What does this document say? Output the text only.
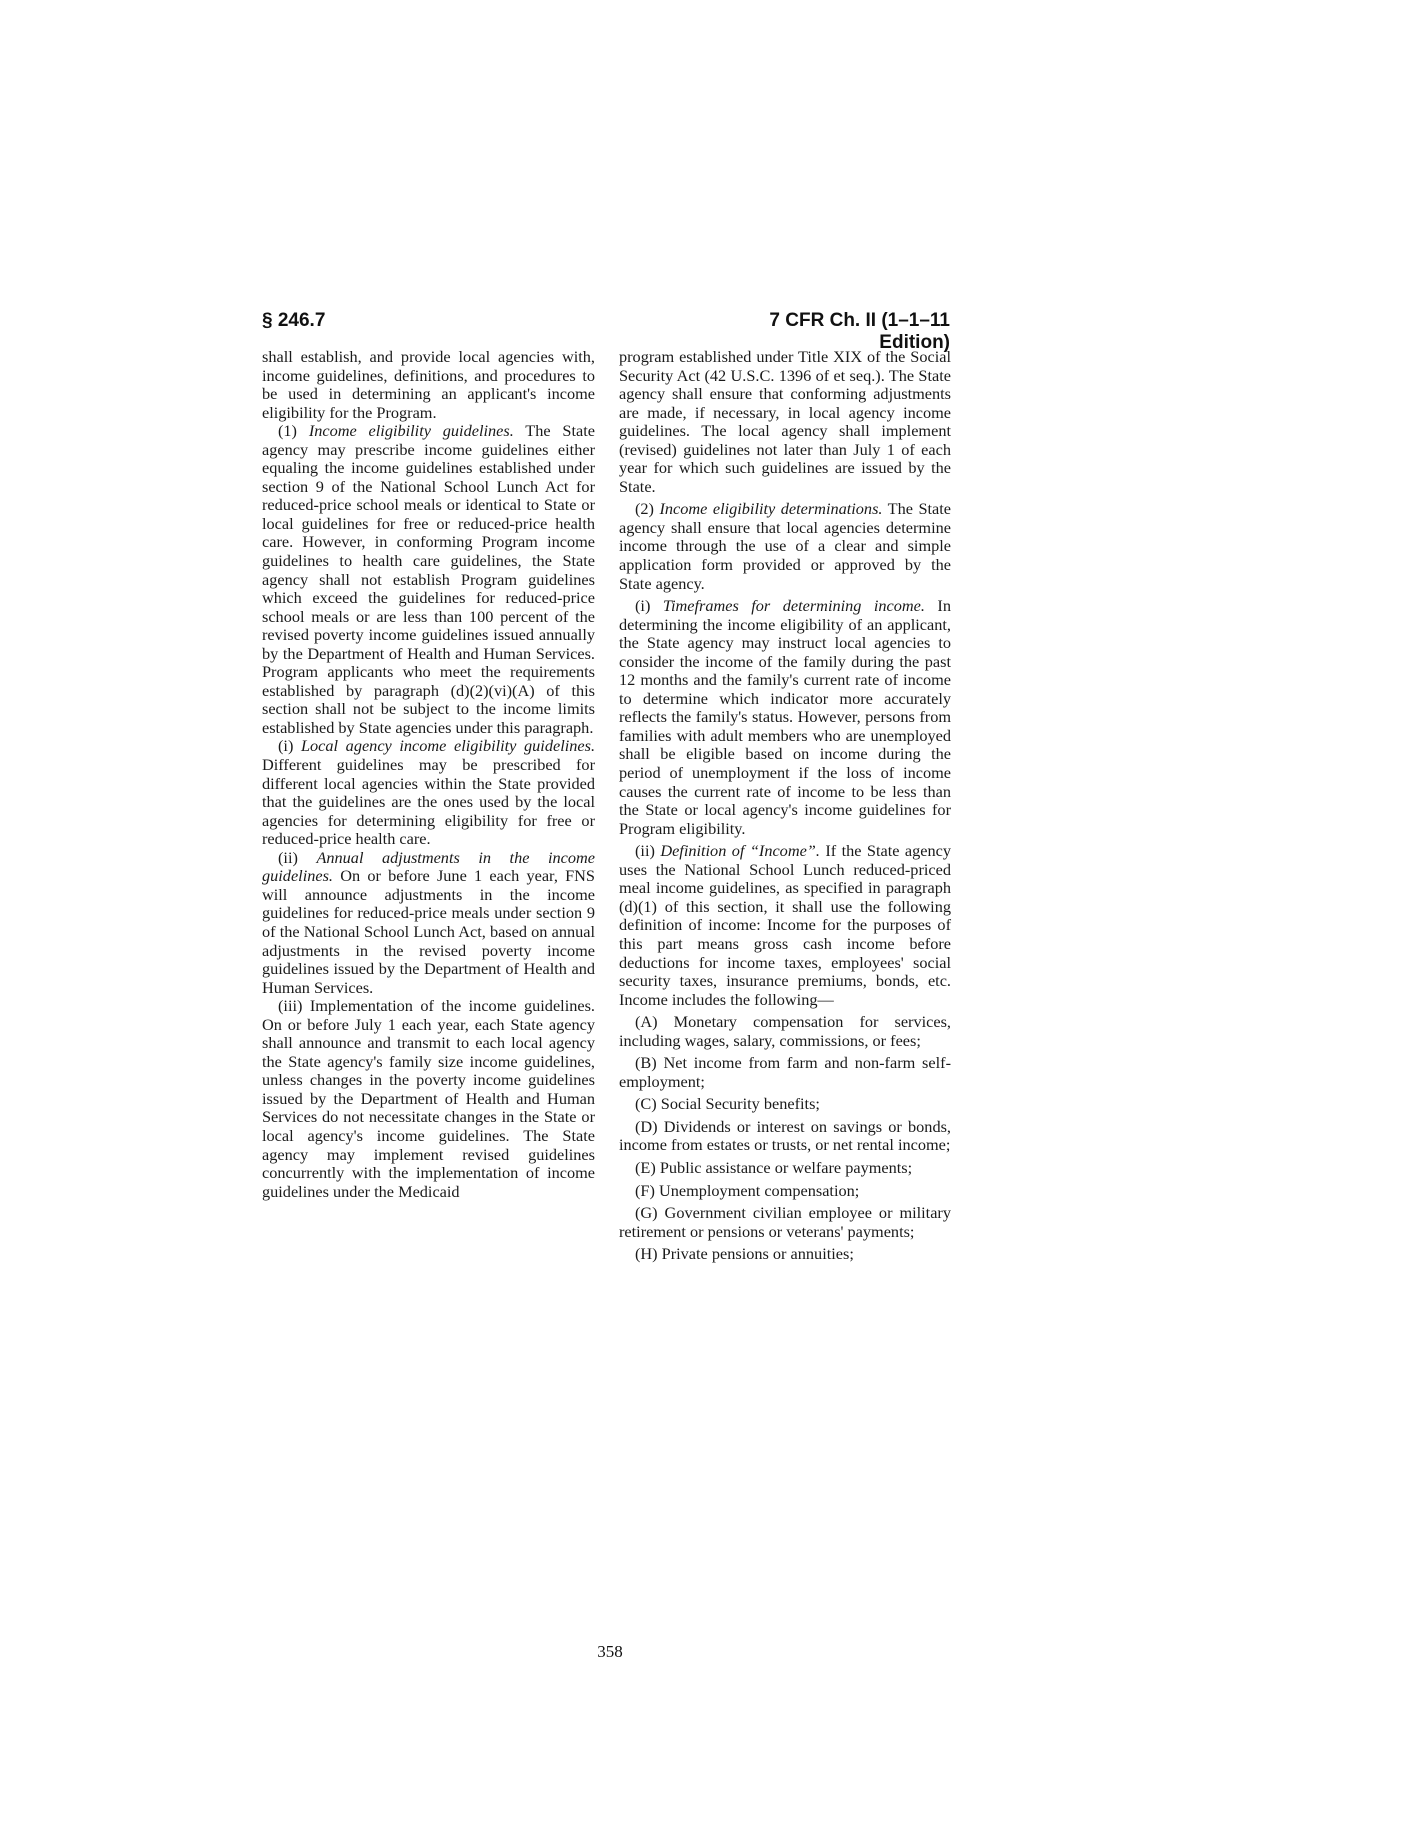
§ 246.7	7 CFR Ch. II (1–1–11 Edition)

shall establish, and provide local agencies with, income guidelines, definitions, and procedures to be used in determining an applicant's income eligibility for the Program.

(1) Income eligibility guidelines. The State agency may prescribe income guidelines either equaling the income guidelines established under section 9 of the National School Lunch Act for reduced-price school meals or identical to State or local guidelines for free or reduced-price health care. However, in conforming Program income guidelines to health care guidelines, the State agency shall not establish Program guidelines which exceed the guidelines for reduced-price school meals or are less than 100 percent of the revised poverty income guidelines issued annually by the Department of Health and Human Services. Program applicants who meet the requirements established by paragraph (d)(2)(vi)(A) of this section shall not be subject to the income limits established by State agencies under this paragraph.

(i) Local agency income eligibility guidelines. Different guidelines may be prescribed for different local agencies within the State provided that the guidelines are the ones used by the local agencies for determining eligibility for free or reduced-price health care.

(ii) Annual adjustments in the income guidelines. On or before June 1 each year, FNS will announce adjustments in the income guidelines for reduced-price meals under section 9 of the National School Lunch Act, based on annual adjustments in the revised poverty income guidelines issued by the Department of Health and Human Services.

(iii) Implementation of the income guidelines. On or before July 1 each year, each State agency shall announce and transmit to each local agency the State agency's family size income guidelines, unless changes in the poverty income guidelines issued by the Department of Health and Human Services do not necessitate changes in the State or local agency's income guidelines. The State agency may implement revised guidelines concurrently with the implementation of income guidelines under the Medicaid

program established under Title XIX of the Social Security Act (42 U.S.C. 1396 of et seq.). The State agency shall ensure that conforming adjustments are made, if necessary, in local agency income guidelines. The local agency shall implement (revised) guidelines not later than July 1 of each year for which such guidelines are issued by the State.

(2) Income eligibility determinations. The State agency shall ensure that local agencies determine income through the use of a clear and simple application form provided or approved by the State agency.

(i) Timeframes for determining income. In determining the income eligibility of an applicant, the State agency may instruct local agencies to consider the income of the family during the past 12 months and the family's current rate of income to determine which indicator more accurately reflects the family's status. However, persons from families with adult members who are unemployed shall be eligible based on income during the period of unemployment if the loss of income causes the current rate of income to be less than the State or local agency's income guidelines for Program eligibility.

(ii) Definition of “Income”. If the State agency uses the National School Lunch reduced-priced meal income guidelines, as specified in paragraph (d)(1) of this section, it shall use the following definition of income: Income for the purposes of this part means gross cash income before deductions for income taxes, employees' social security taxes, insurance premiums, bonds, etc. Income includes the following—

(A) Monetary compensation for services, including wages, salary, commissions, or fees;

(B) Net income from farm and non-farm self-employment;

(C) Social Security benefits;

(D) Dividends or interest on savings or bonds, income from estates or trusts, or net rental income;

(E) Public assistance or welfare payments;

(F) Unemployment compensation;

(G) Government civilian employee or military retirement or pensions or veterans' payments;

(H) Private pensions or annuities;

358
